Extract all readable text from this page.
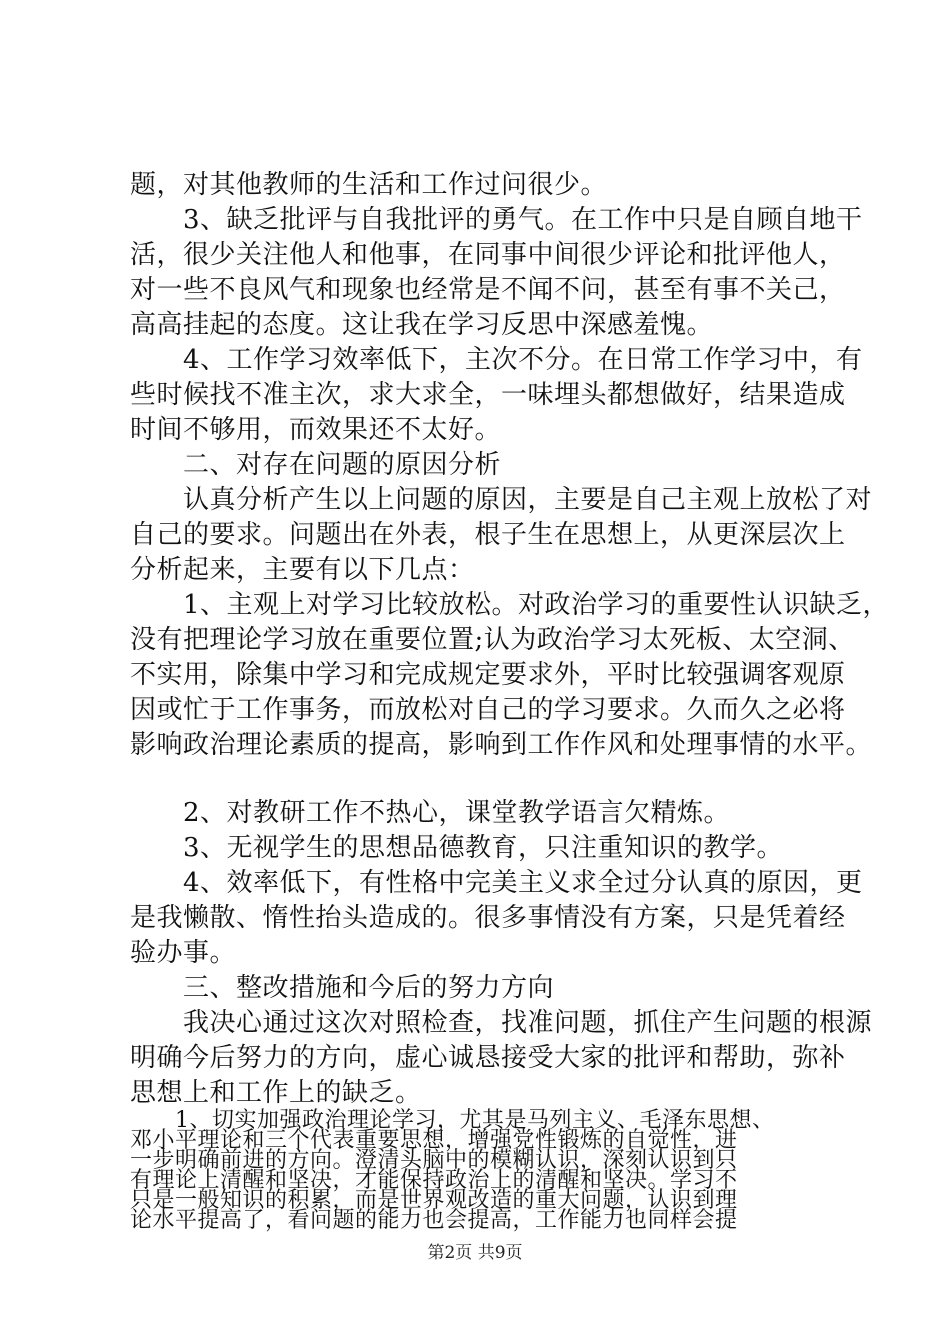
题，对其他教师的生活和工作过问很少。
　　3、缺乏批评与自我批评的勇气。在工作中只是自顾自地干
活，很少关注他人和他事，在同事中间很少评论和批评他人，
对一些不良风气和现象也经常是不闻不问，甚至有事不关己，
高高挂起的态度。这让我在学习反思中深感羞愧。
　　4、工作学习效率低下，主次不分。在日常工作学习中，有
些时候找不准主次，求大求全，一味埋头都想做好，结果造成
时间不够用，而效果还不太好。
　　二、对存在问题的原因分析
　　认真分析产生以上问题的原因，主要是自己主观上放松了对
自己的要求。问题出在外表，根子生在思想上，从更深层次上
分析起来，主要有以下几点：
　　1、主观上对学习比较放松。对政治学习的重要性认识缺乏，
没有把理论学习放在重要位置;认为政治学习太死板、太空洞、
不实用，除集中学习和完成规定要求外，平时比较强调客观原
因或忙于工作事务，而放松对自己的学习要求。久而久之必将
影响政治理论素质的提高，影响到工作作风和处理事情的水平。
　　2、对教研工作不热心，课堂教学语言欠精炼。
　　3、无视学生的思想品德教育，只注重知识的教学。
　　4、效率低下，有性格中完美主义求全过分认真的原因，更
是我懒散、惰性抬头造成的。很多事情没有方案，只是凭着经
验办事。
　　三、整改措施和今后的努力方向
　　我决心通过这次对照检查，找准问题，抓住产生问题的根源
明确今后努力的方向，虚心诚恳接受大家的批评和帮助，弥补
思想上和工作上的缺乏。
　　1、切实加强政治理论学习，尤其是马列主义、毛泽东思想、
邓小平理论和三个代表重要思想，增强党性锻炼的自觉性，进
一步明确前进的方向。澄清头脑中的模糊认识，深刻认识到只
第2页 共9页
有理论上清醒和坚决，才能保持政治上的清醒和坚决。学习不
只是一般知识的积累，而是世界观改造的重大问题，认识到理
论水平提高了，看问题的能力也会提高，工作能力也同样会提
